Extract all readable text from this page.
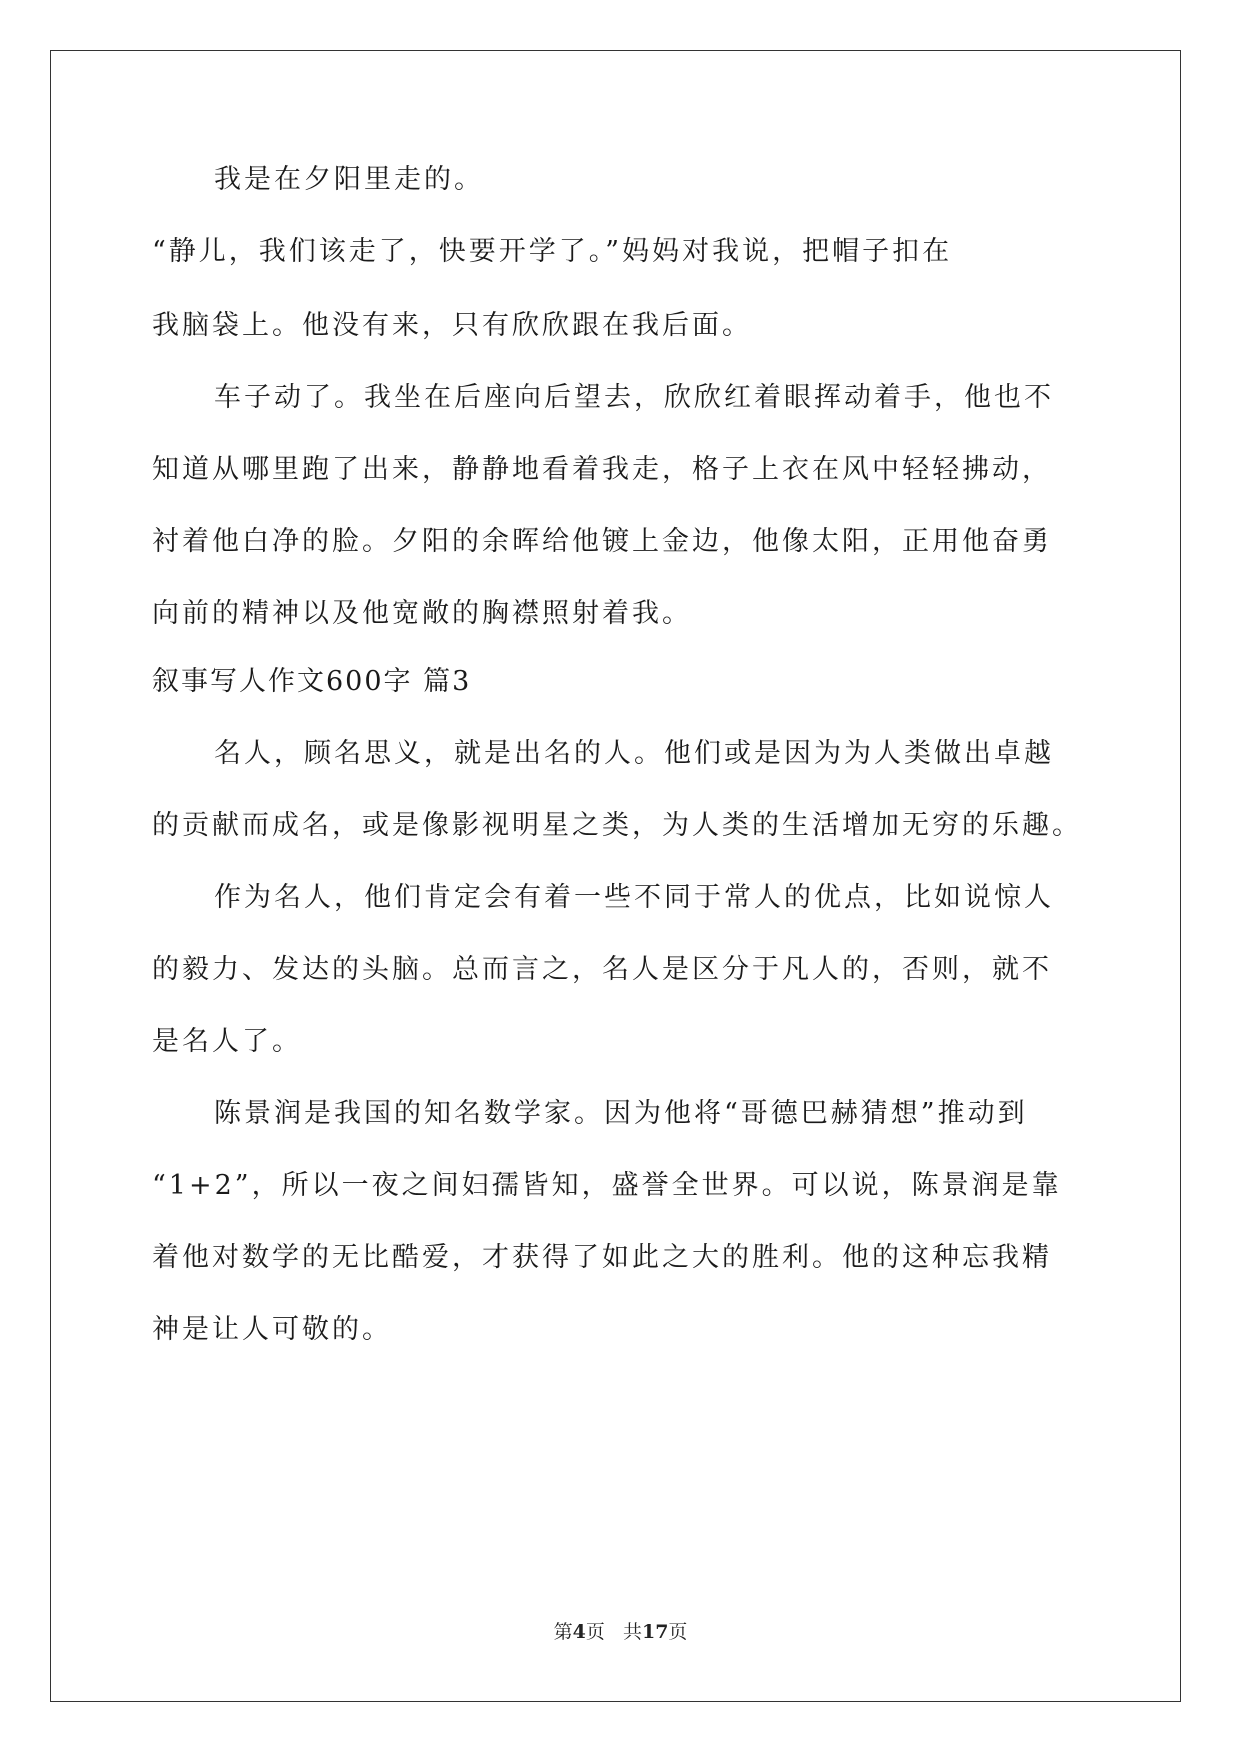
我是在夕阳里走的。
“静儿，我们该走了，快要开学了。”妈妈对我说，把帽子扣在
我脑袋上。他没有来，只有欣欣跟在我后面。
车子动了。我坐在后座向后望去，欣欣红着眼挥动着手，他也不
知道从哪里跑了出来，静静地看着我走，格子上衣在风中轻轻拂动，
衬着他白净的脸。夕阳的余晖给他镀上金边，他像太阳，正用他奋勇
向前的精神以及他宽敞的胸襟照射着我。
叙事写人作文600字 篇3
名人，顾名思义，就是出名的人。他们或是因为为人类做出卓越
的贡献而成名，或是像影视明星之类，为人类的生活增加无穷的乐趣。
作为名人，他们肯定会有着一些不同于常人的优点，比如说惊人
的毅力、发达的头脑。总而言之，名人是区分于凡人的，否则，就不
是名人了。
陈景润是我国的知名数学家。因为他将“哥德巴赫猜想”推动到
“1+2”，所以一夜之间妇孺皆知，盛誉全世界。可以说，陈景润是靠
着他对数学的无比酷爱，才获得了如此之大的胜利。他的这种忘我精
神是让人可敬的。
第4页 共17页
